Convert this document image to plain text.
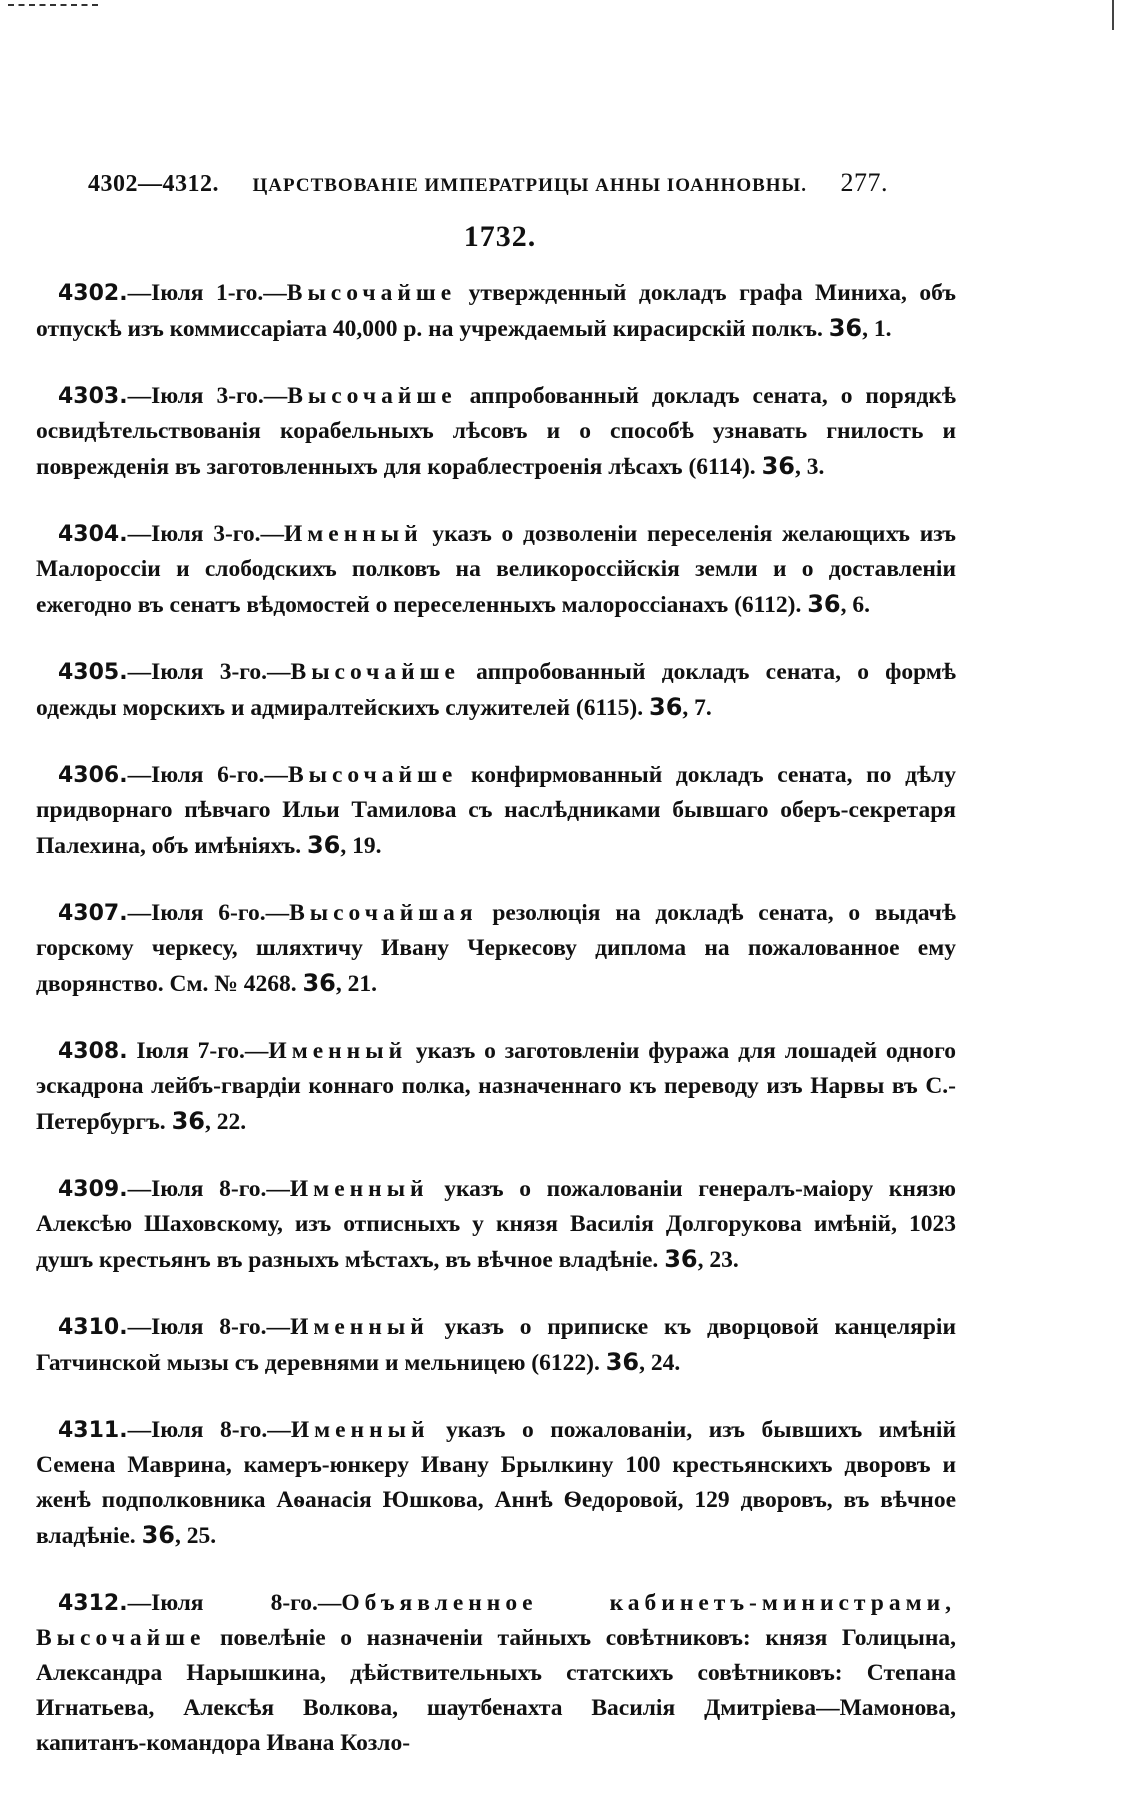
4302—4312. ЦАРСТВОВАНІЕ ИМПЕРАТРИЦЫ АННЫ ІОАННОВНЫ. 277.
1732.

4302.—Іюля 1-го.—Высочайше утвержденный докладъ графа Миниха, объ отпускѣ изъ коммиссаріата 40,000 р. на учреждаемый кирасирскій полкъ. 36, 1.

4303.—Іюля 3-го.—Высочайше аппробованный докладъ сената, о порядкѣ освидѣтельствованія корабельныхъ лѣсовъ и о способѣ узнавать гнилость и поврежденія въ заготовленныхъ для кораблестроенія лѣсахъ (6114). 36, 3.

4304.—Іюля 3-го.—Именный указъ о дозволеніи переселенія желающихъ изъ Малороссіи и слободскихъ полковъ на великороссійскія земли и о доставленіи ежегодно въ сенатъ вѣдомостей о переселенныхъ малороссіанахъ (6112). 36, 6.

4305.—Іюля 3-го.—Высочайше аппробованный докладъ сената, о формѣ одежды морскихъ и адмиралтейскихъ служителей (6115). 36, 7.

4306.—Іюля 6-го.—Высочайше конфирмованный докладъ сената, по дѣлу придворнаго пѣвчаго Ильи Тамилова съ наслѣдниками бывшаго оберъ-секретаря Палехина, объ имѣніяхъ. 36, 19.

4307.—Іюля 6-го.—Высочайшая резолюція на докладѣ сената, о выдачѣ горскому черкесу, шляхтичу Ивану Черкесову диплома на пожалованное ему дворянство. См. № 4268. 36, 21.

4308. Іюля 7-го.—Именный указъ о заготовленіи фуража для лошадей одного эскадрона лейбъ-гвардіи коннаго полка, назначеннаго къ переводу изъ Нарвы въ С.-Петербургъ. 36, 22.

4309.—Іюля 8-го.—Именный указъ о пожалованіи генералъ-маіору князю Алексѣю Шаховскому, изъ отписныхъ у князя Василія Долгорукова имѣній, 1023 душъ крестьянъ въ разныхъ мѣстахъ, въ вѣчное владѣніе. 36, 23.

4310.—Іюля 8-го.—Именный указъ о приписке къ дворцовой канцеляріи Гатчинской мызы съ деревнями и мельницею (6122). 36, 24.

4311.—Іюля 8-го.—Именный указъ о пожалованіи, изъ бывшихъ имѣній Семена Маврина, камеръ-юнкеру Ивану Брылкину 100 крестьянскихъ дворовъ и женѣ подполковника Аѳанасія Юшкова, Аннѣ Ѳедоровой, 129 дворовъ, въ вѣчное владѣніе. 36, 25.

4312.—Іюля 8-го.—Объявленное кабинетъ-министрами, Высочайше повелѣніе о назначеніи тайныхъ совѣтниковъ: князя Голицына, Александра Нарышкина, дѣйствительныхъ статскихъ совѣтниковъ: Степана Игнатьева, Алексѣя Волкова, шаутбенахта Василія Дмитріева—Мамонова, капитанъ-командора Ивана Козло-
